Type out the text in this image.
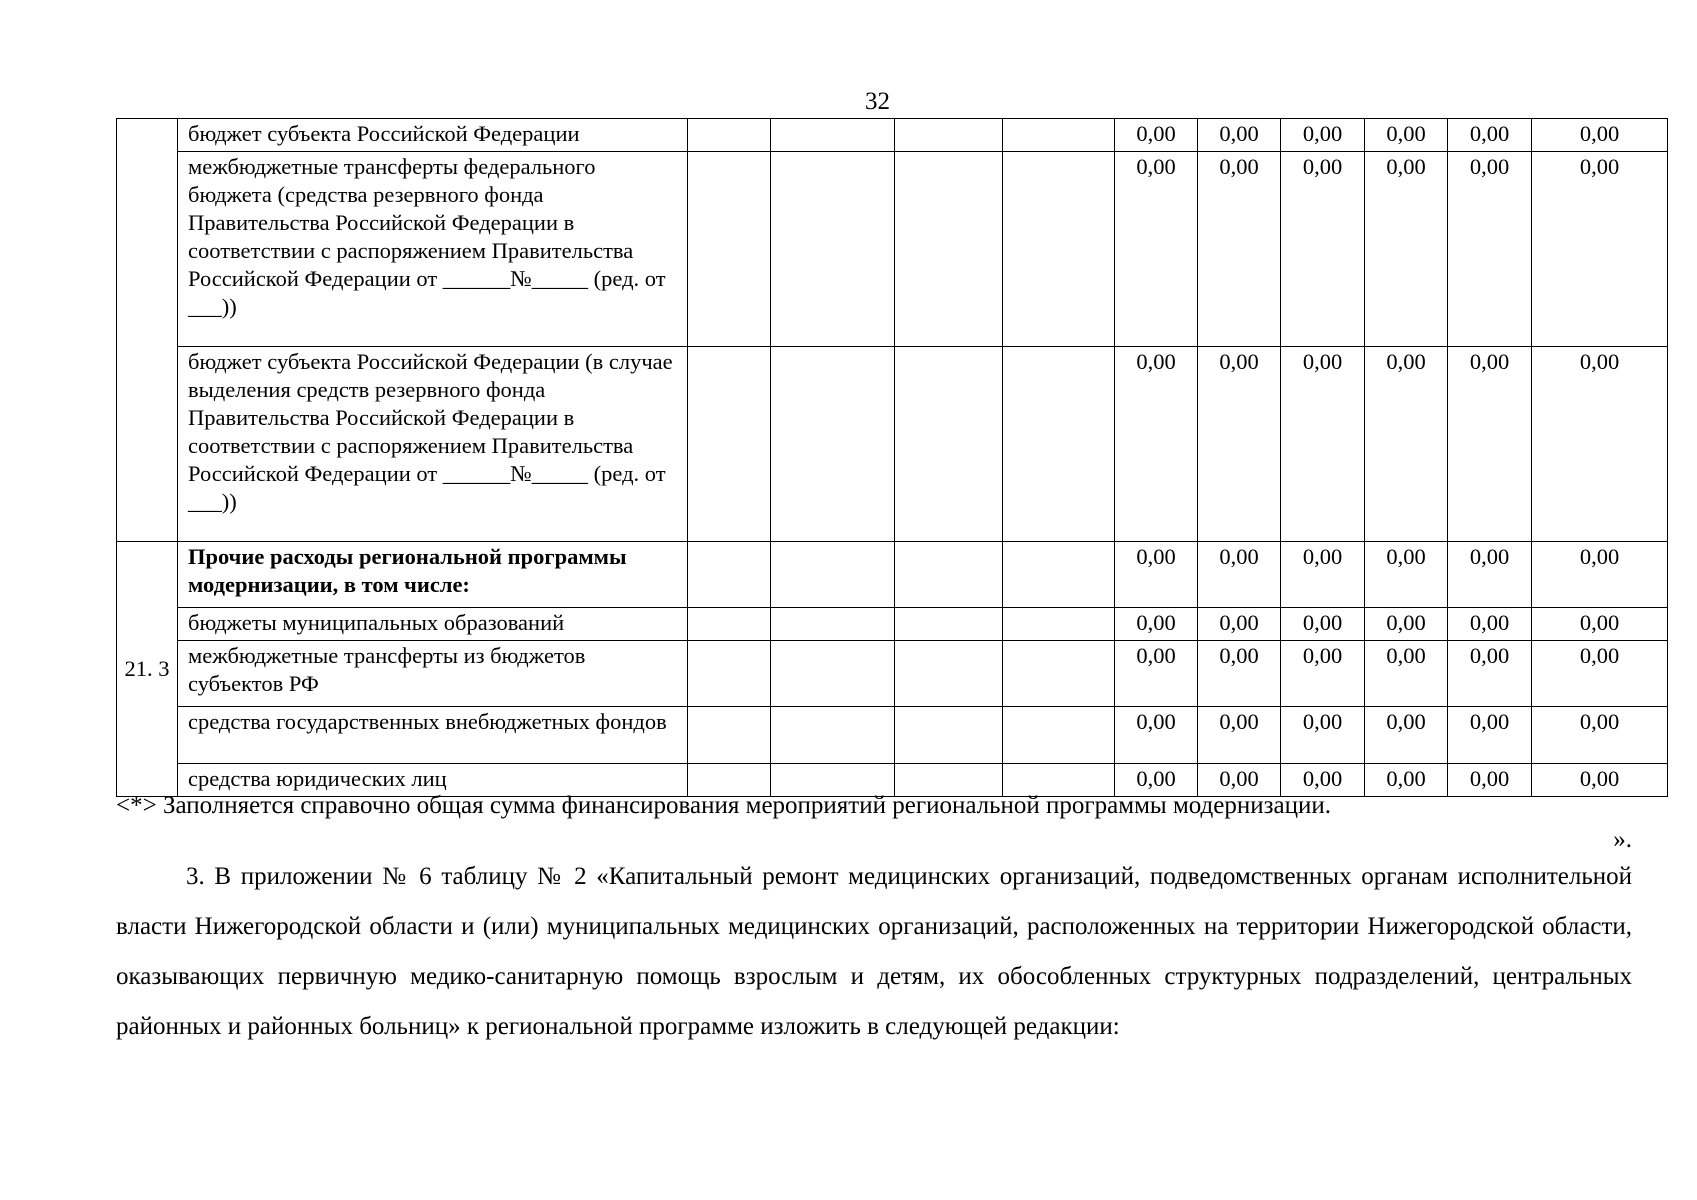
32
	бюджет субъекта Российской Федерации					0,00	0,00	0,00	0,00	0,00	0,00
	межбюджетные трансферты федерального бюджета (средства резервного фонда Правительства Российской Федерации в соответствии с распоряжением Правительства Российской Федерации от ______№_____ (ред. от ___))					0,00	0,00	0,00	0,00	0,00	0,00
	бюджет субъекта Российской Федерации (в случае выделения средств резервного фонда Правительства Российской Федерации в соответствии с распоряжением Правительства Российской Федерации от ______№_____ (ред. от ___))					0,00	0,00	0,00	0,00	0,00	0,00
21. 3	Прочие расходы региональной программы модернизации, в том числе:					0,00	0,00	0,00	0,00	0,00	0,00
	бюджеты муниципальных образований					0,00	0,00	0,00	0,00	0,00	0,00
	межбюджетные трансферты из бюджетов субъектов РФ					0,00	0,00	0,00	0,00	0,00	0,00
	средства государственных внебюджетных фондов					0,00	0,00	0,00	0,00	0,00	0,00
	средства юридических лиц					0,00	0,00	0,00	0,00	0,00	0,00
<*> Заполняется справочно общая сумма финансирования мероприятий региональной программы модернизации.
».
3. В приложении № 6 таблицу № 2 «Капитальный ремонт медицинских организаций, подведомственных органам исполнительной власти Нижегородской области и (или) муниципальных медицинских организаций, расположенных на территории Нижегородской области, оказывающих первичную медико-санитарную помощь взрослым и детям, их обособленных структурных подразделений, центральных районных и районных больниц» к региональной программе изложить в следующей редакции:
